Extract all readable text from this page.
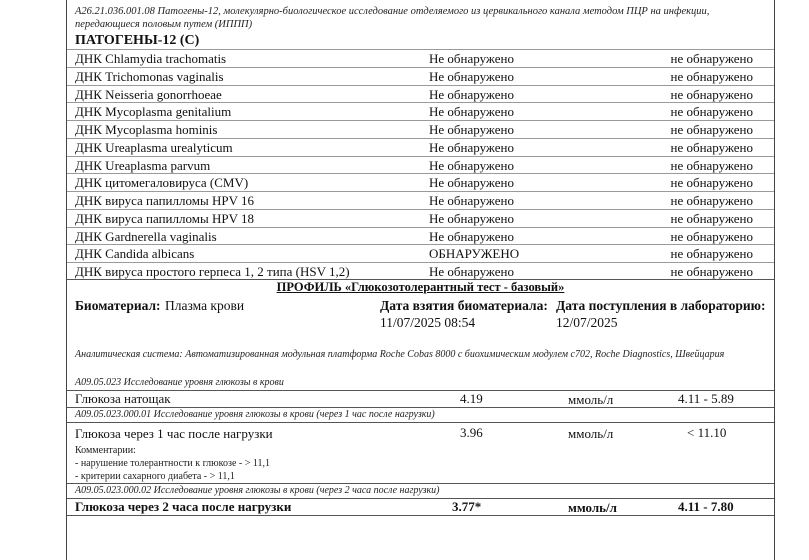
A26.21.036.001.08 Патогены-12, молекулярно-биологическое исследование отделяемого из цервикального канала методом ПЦР на инфекции, передающиеся половым путем (ИППП)
ПАТОГЕНЫ-12 (С)
ДНК Chlamydia trachomatis	Не обнаружено	не обнаружено
ДНК Trichomonas vaginalis	Не обнаружено	не обнаружено
ДНК Neisseria gonorrhoeae	Не обнаружено	не обнаружено
ДНК Mycoplasma genitalium	Не обнаружено	не обнаружено
ДНК Mycoplasma hominis	Не обнаружено	не обнаружено
ДНК Ureaplasma urealyticum	Не обнаружено	не обнаружено
ДНК Ureaplasma parvum	Не обнаружено	не обнаружено
ДНК цитомегаловируса (CMV)	Не обнаружено	не обнаружено
ДНК вируса папилломы HPV 16	Не обнаружено	не обнаружено
ДНК вируса папилломы HPV 18	Не обнаружено	не обнаружено
ДНК Gardnerella vaginalis	Не обнаружено	не обнаружено
ДНК Candida albicans	ОБНАРУЖЕНО	не обнаружено
ДНК вируса простого герпеса 1, 2 типа (HSV 1,2)	Не обнаружено	не обнаружено
ПРОФИЛЬ «Глюкозотолерантный тест - базовый»
Биоматериал: Плазма крови	Дата взятия биоматериала:
11/07/2025 08:54
Дата поступления в лабораторию:
12/07/2025
Аналитическая система: Автоматизированная модульная платформа Roche Cobas 8000 с биохимическим модулем c702, Roche Diagnostics, Швейцария
A09.05.023 Исследование уровня глюкозы в крови
Глюкоза натощак	4.19	ммоль/л	4.11 - 5.89
A09.05.023.000.01 Исследование уровня глюкозы в крови (через 1 час после нагрузки)
Глюкоза через 1 час после нагрузки	3.96	ммоль/л	< 11.10
Комментарии:
- нарушение толерантности к глюкозе - > 11,1
- критерии сахарного диабета - > 11,1
A09.05.023.000.02 Исследование уровня глюкозы в крови (через 2 часа после нагрузки)
Глюкоза через 2 часа после нагрузки	3.77*	ммоль/л	4.11 - 7.80
